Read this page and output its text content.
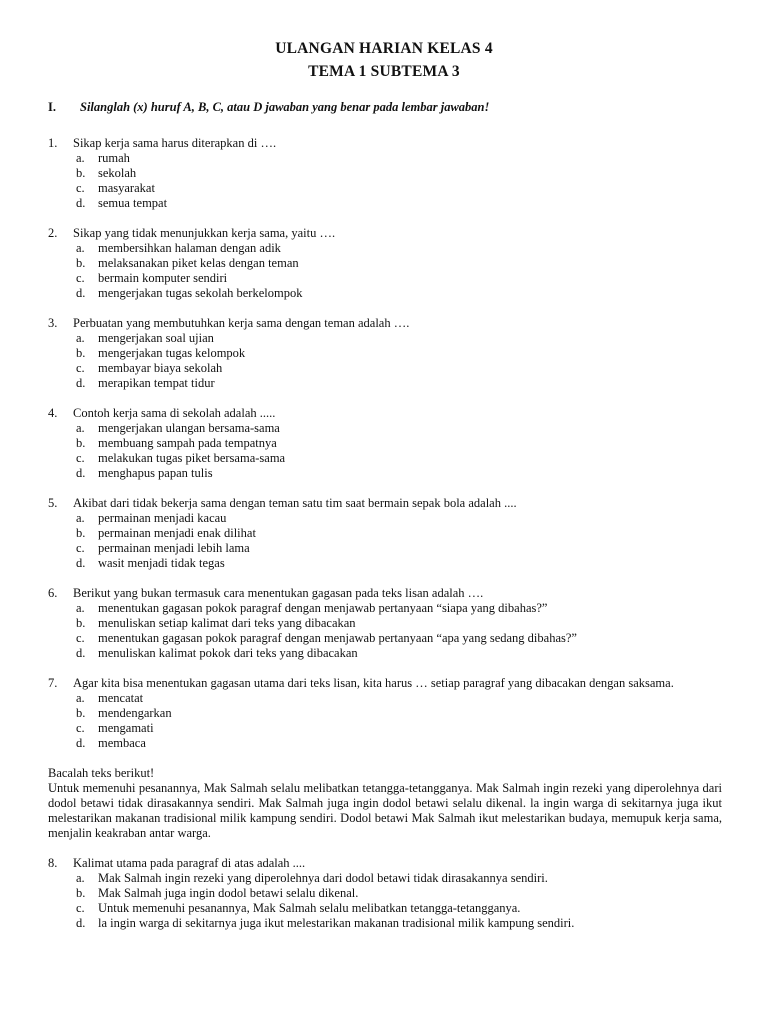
ULANGAN HARIAN KELAS 4
TEMA 1 SUBTEMA 3
I. Silanglah (x) huruf A, B, C, atau D jawaban yang benar pada lembar jawaban!
1. Sikap kerja sama harus diterapkan di ….
a. rumah
b. sekolah
c. masyarakat
d. semua tempat
2. Sikap yang tidak menunjukkan kerja sama, yaitu ….
a. membersihkan halaman dengan adik
b. melaksanakan piket kelas dengan teman
c. bermain komputer sendiri
d. mengerjakan tugas sekolah berkelompok
3. Perbuatan yang membutuhkan kerja sama dengan teman adalah ….
a. mengerjakan soal ujian
b. mengerjakan tugas kelompok
c. membayar biaya sekolah
d. merapikan tempat tidur
4. Contoh kerja sama di sekolah adalah .....
a. mengerjakan ulangan bersama-sama
b. membuang sampah pada tempatnya
c. melakukan tugas piket bersama-sama
d. menghapus papan tulis
5. Akibat dari tidak bekerja sama dengan teman satu tim saat bermain sepak bola adalah ....
a. permainan menjadi kacau
b. permainan menjadi enak dilihat
c. permainan menjadi lebih lama
d. wasit menjadi tidak tegas
6. Berikut yang bukan termasuk cara menentukan gagasan pada teks lisan adalah ….
a. menentukan gagasan pokok paragraf dengan menjawab pertanyaan “siapa yang dibahas?”
b. menuliskan setiap kalimat dari teks yang dibacakan
c. menentukan gagasan pokok paragraf dengan menjawab pertanyaan “apa yang sedang dibahas?”
d. menuliskan kalimat pokok dari teks yang dibacakan
7. Agar kita bisa menentukan gagasan utama dari teks lisan, kita harus … setiap paragraf yang dibacakan dengan saksama.
a. mencatat
b. mendengarkan
c. mengamati
d. membaca
Bacalah teks berikut!
Untuk memenuhi pesanannya, Mak Salmah selalu melibatkan tetangga-tetangganya. Mak Salmah ingin rezeki yang diperolehnya dari dodol betawi tidak dirasakannya sendiri. Mak Salmah juga ingin dodol betawi selalu dikenal. la ingin warga di sekitarnya juga ikut melestarikan makanan tradisional milik kampung sendiri. Dodol betawi Mak Salmah ikut melestarikan budaya, memupuk kerja sama, menjalin keakraban antar warga.
8. Kalimat utama pada paragraf di atas adalah ....
a. Mak Salmah ingin rezeki yang diperolehnya dari dodol betawi tidak dirasakannya sendiri.
b. Mak Salmah juga ingin dodol betawi selalu dikenal.
c. Untuk memenuhi pesanannya, Mak Salmah selalu melibatkan tetangga-tetangganya.
d. la ingin warga di sekitarnya juga ikut melestarikan makanan tradisional milik kampung sendiri.
